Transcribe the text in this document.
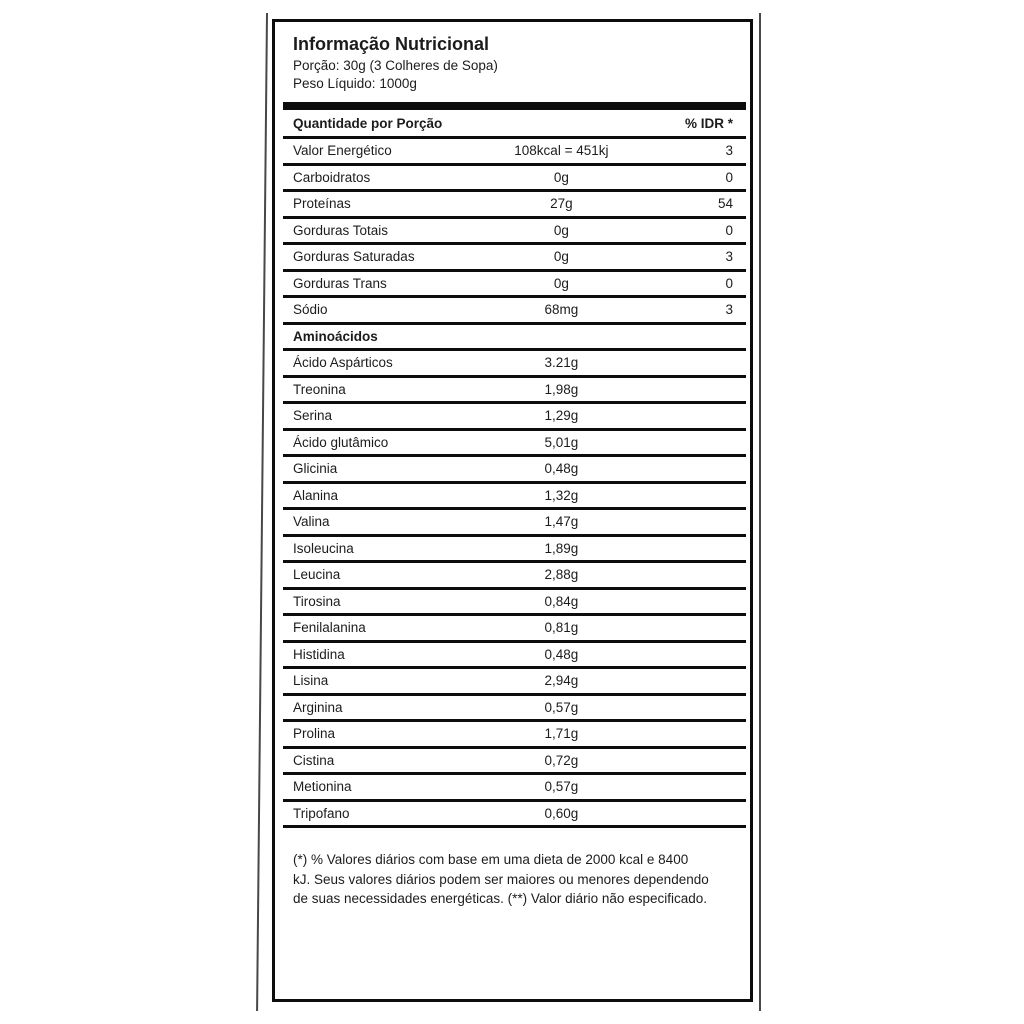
Informação Nutricional
Porção: 30g (3 Colheres de Sopa)
Peso Líquido: 1000g
Quantidade por Porção	% IDR *
Valor Energético	108kcal = 451kj	3
Carboidratos	0g	0
Proteínas	27g	54
Gorduras Totais	0g	0
Gorduras Saturadas	0g	3
Gorduras Trans	0g	0
Sódio	68mg	3
Aminoácidos
Ácido Aspárticos	3.21g
Treonina	1,98g
Serina	1,29g
Ácido glutâmico	5,01g
Glicinia	0,48g
Alanina	1,32g
Valina	1,47g
Isoleucina	1,89g
Leucina	2,88g
Tirosina	0,84g
Fenilalanina	0,81g
Histidina	0,48g
Lisina	2,94g
Arginina	0,57g
Prolina	1,71g
Cistina	0,72g
Metionina	0,57g
Tripofano	0,60g
(*) % Valores diários com base em uma dieta de 2000 kcal e 8400
kJ. Seus valores diários podem ser maiores ou menores dependendo
de suas necessidades energéticas. (**) Valor diário não especificado.
